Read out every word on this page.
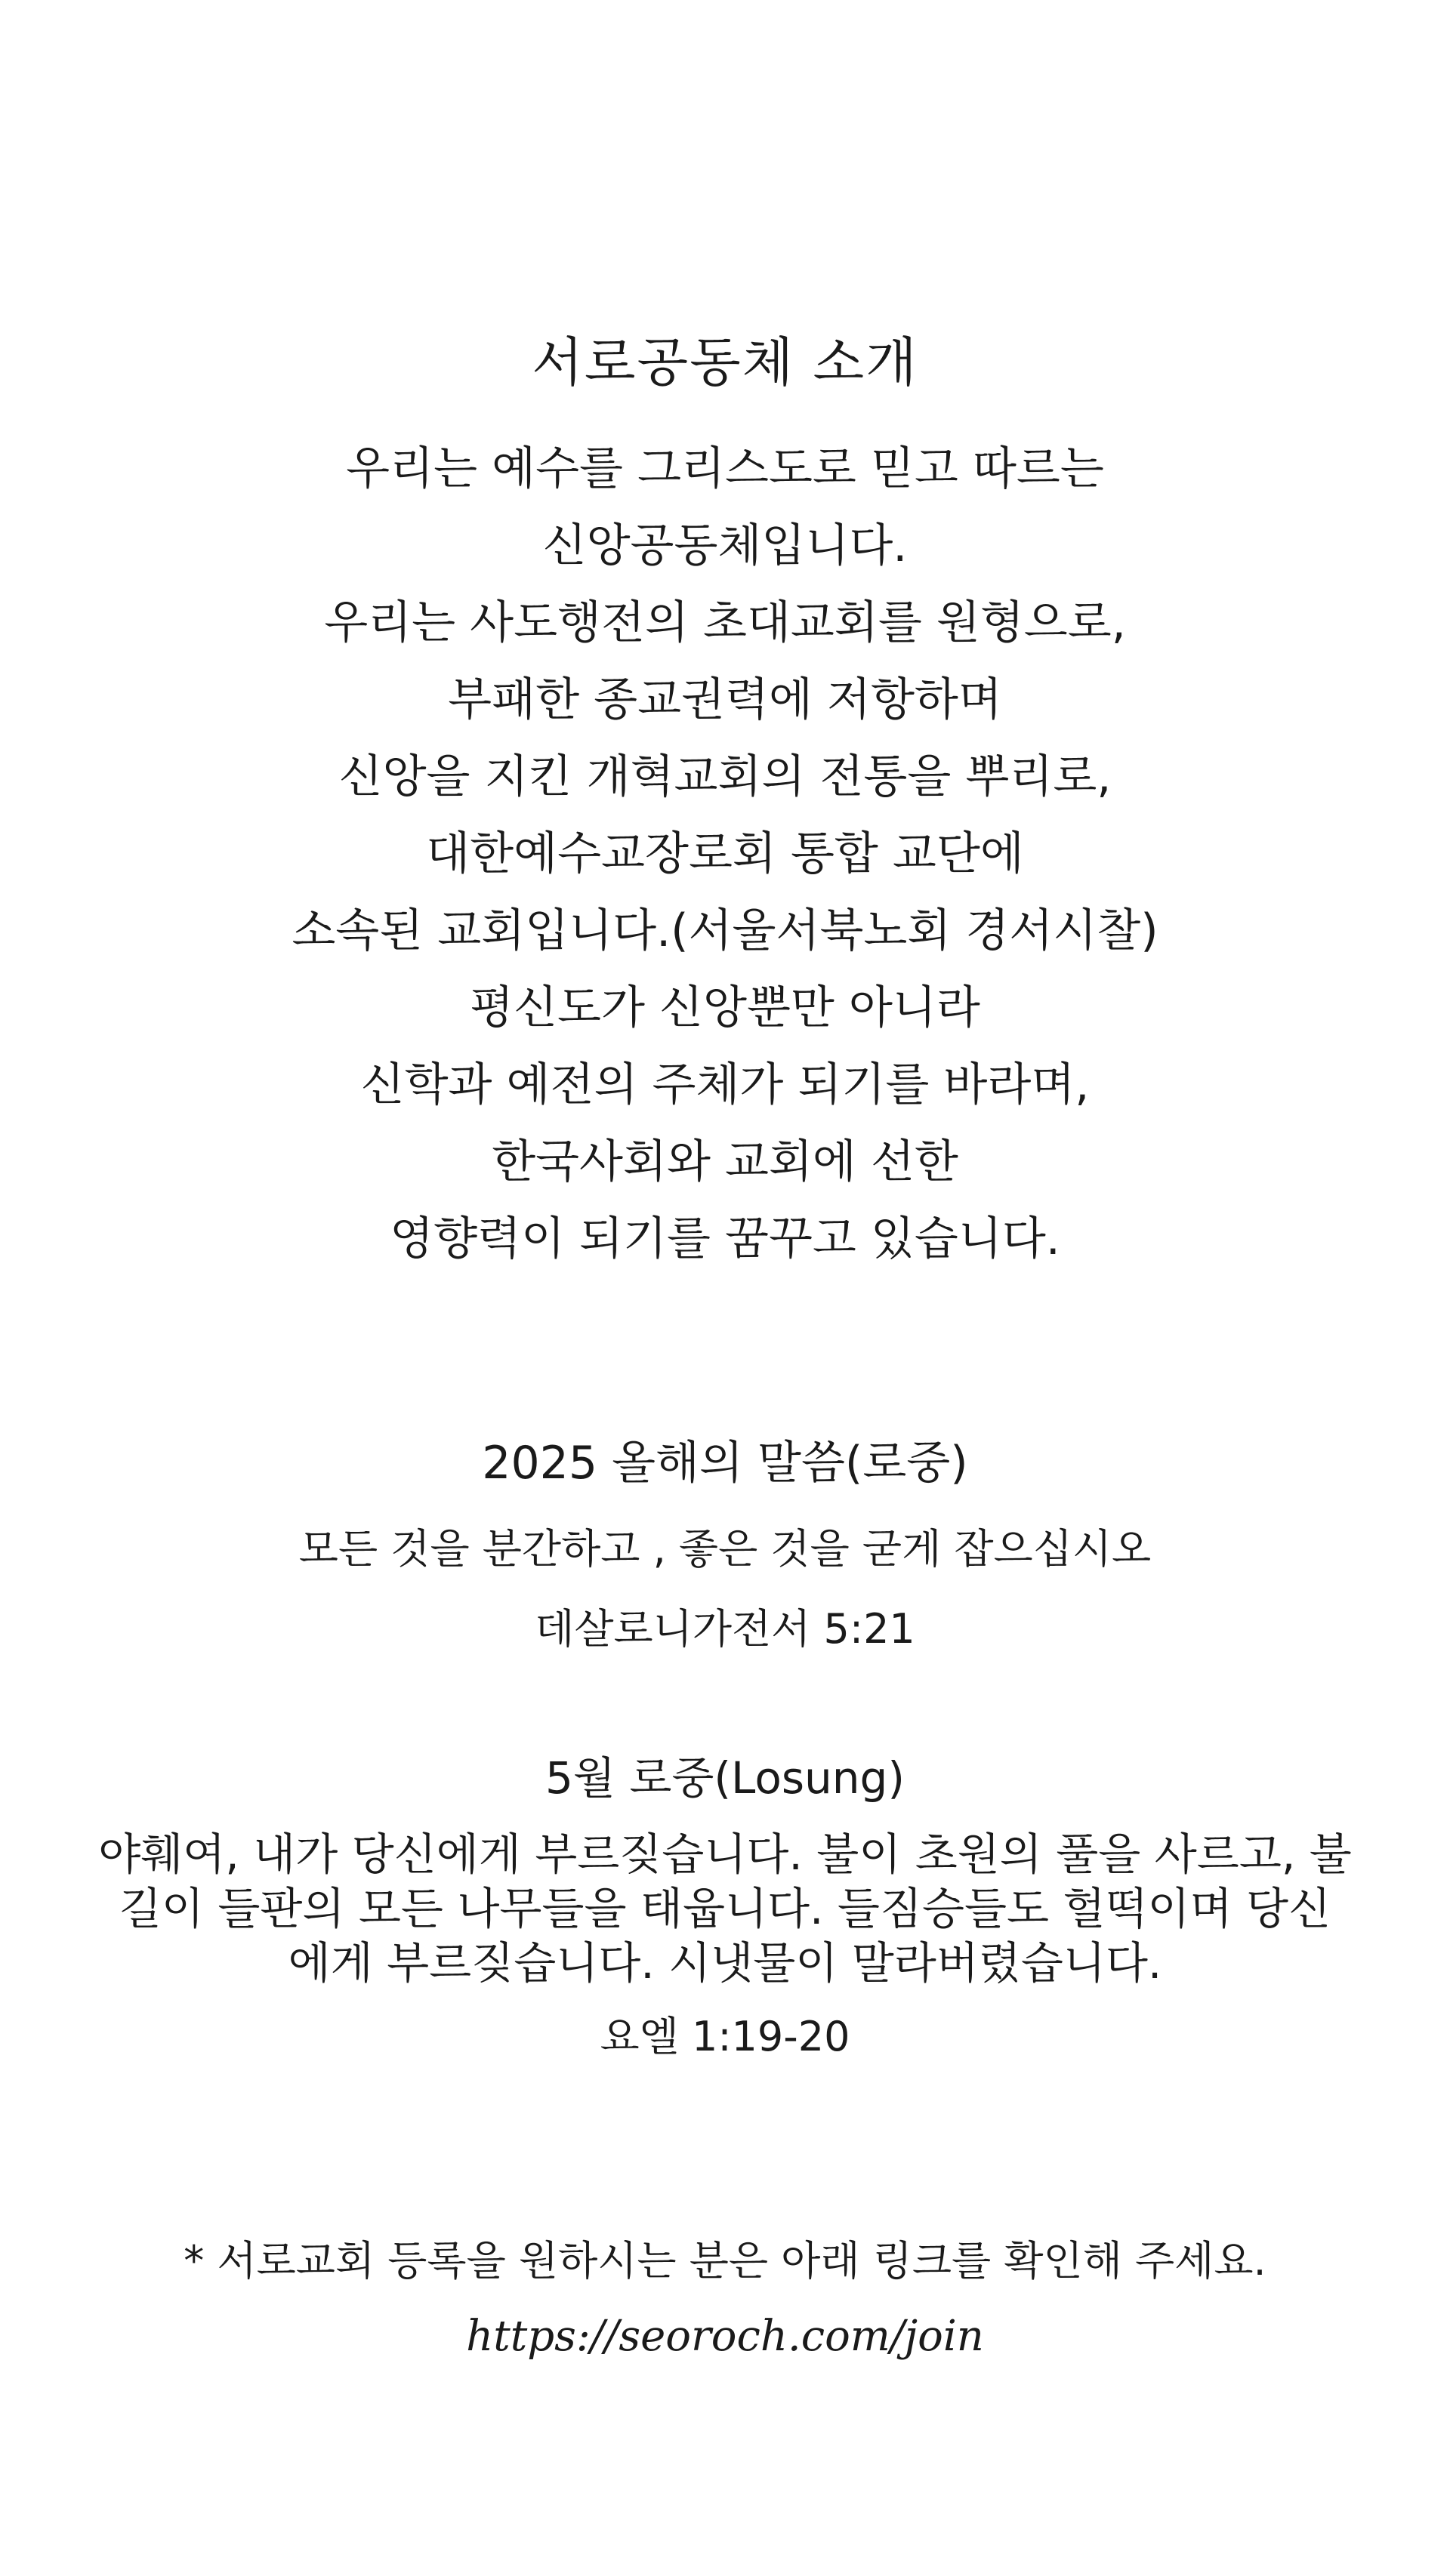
서로공동체 소개
우리는 예수를 그리스도로 믿고 따르는
신앙공동체입니다.
우리는 사도행전의 초대교회를 원형으로,
부패한 종교권력에 저항하며
신앙을 지킨 개혁교회의 전통을 뿌리로,
대한예수교장로회 통합 교단에
소속된 교회입니다.(서울서북노회 경서시찰)
평신도가 신앙뿐만 아니라
신학과 예전의 주체가 되기를 바라며,
한국사회와 교회에 선한
영향력이 되기를 꿈꾸고 있습니다.
2025 올해의 말씀(로중)
모든 것을 분간하고 , 좋은 것을 굳게 잡으십시오
데살로니가전서 5:21
5월 로중(Losung)
야훼여, 내가 당신에게 부르짖습니다. 불이 초원의 풀을 사르고, 불길이 들판의 모든 나무들을 태웁니다. 들짐승들도 헐떡이며 당신에게 부르짖습니다. 시냇물이 말라버렸습니다.
요엘 1:19-20
* 서로교회 등록을 원하시는 분은 아래 링크를 확인해 주세요.
https://seoroch.com/join
